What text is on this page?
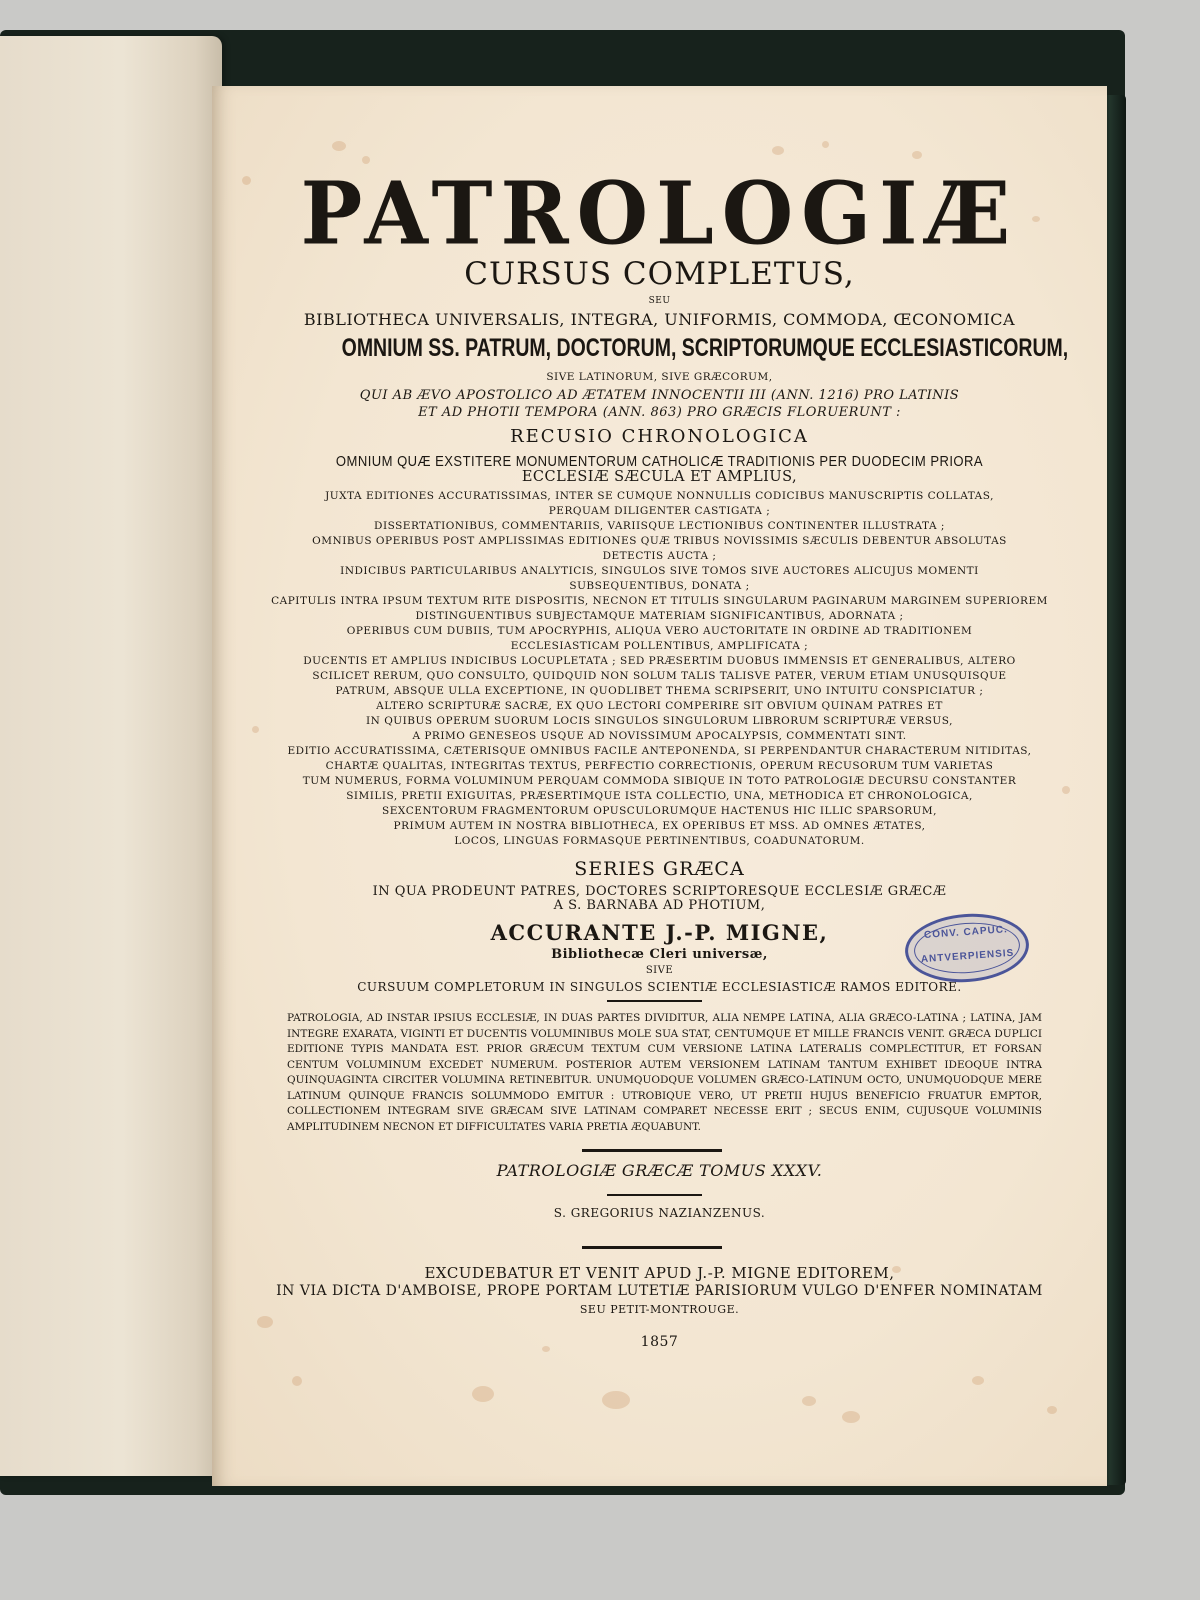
PATROLOGIÆ
CURSUS COMPLETUS,
SEU
BIBLIOTHECA UNIVERSALIS, INTEGRA, UNIFORMIS, COMMODA, ŒCONOMICA
OMNIUM SS. PATRUM, DOCTORUM, SCRIPTORUMQUE ECCLESIASTICORUM,
SIVE LATINORUM, SIVE GRÆCORUM,
QUI AB ÆVO APOSTOLICO AD ÆTATEM INNOCENTII III (ANN. 1216) PRO LATINIS
ET AD PHOTII TEMPORA (ANN. 863) PRO GRÆCIS FLORUERUNT :
RECUSIO CHRONOLOGICA
OMNIUM QUÆ EXSTITERE MONUMENTORUM CATHOLICÆ TRADITIONIS PER DUODECIM PRIORA
ECCLESIÆ SÆCULA ET AMPLIUS,
JUXTA EDITIONES ACCURATISSIMAS, INTER SE CUMQUE NONNULLIS CODICIBUS MANUSCRIPTIS COLLATAS,
PERQUAM DILIGENTER CASTIGATA ;
DISSERTATIONIBUS, COMMENTARIIS, VARIISQUE LECTIONIBUS CONTINENTER ILLUSTRATA ;
OMNIBUS OPERIBUS POST AMPLISSIMAS EDITIONES QUÆ TRIBUS NOVISSIMIS SÆCULIS DEBENTUR ABSOLUTAS
DETECTIS AUCTA ;
INDICIBUS PARTICULARIBUS ANALYTICIS, SINGULOS SIVE TOMOS SIVE AUCTORES ALICUJUS MOMENTI
SUBSEQUENTIBUS, DONATA ;
CAPITULIS INTRA IPSUM TEXTUM RITE DISPOSITIS, NECNON ET TITULIS SINGULARUM PAGINARUM MARGINEM SUPERIOREM
DISTINGUENTIBUS SUBJECTAMQUE MATERIAM SIGNIFICANTIBUS, ADORNATA ;
OPERIBUS CUM DUBIIS, TUM APOCRYPHIS, ALIQUA VERO AUCTORITATE IN ORDINE AD TRADITIONEM
ECCLESIASTICAM POLLENTIBUS, AMPLIFICATA ;
DUCENTIS ET AMPLIUS INDICIBUS LOCUPLETATA ; SED PRÆSERTIM DUOBUS IMMENSIS ET GENERALIBUS, ALTERO
SCILICET RERUM, QUO CONSULTO, QUIDQUID NON SOLUM TALIS TALISVE PATER, VERUM ETIAM UNUSQUISQUE
PATRUM, ABSQUE ULLA EXCEPTIONE, IN QUODLIBET THEMA SCRIPSERIT, UNO INTUITU CONSPICIATUR ;
ALTERO SCRIPTURÆ SACRÆ, EX QUO LECTORI COMPERIRE SIT OBVIUM QUINAM PATRES ET
IN QUIBUS OPERUM SUORUM LOCIS SINGULOS SINGULORUM LIBRORUM SCRIPTURÆ VERSUS,
A PRIMO GENESEOS USQUE AD NOVISSIMUM APOCALYPSIS, COMMENTATI SINT.
EDITIO ACCURATISSIMA, CÆTERISQUE OMNIBUS FACILE ANTEPONENDA, SI PERPENDANTUR CHARACTERUM NITIDITAS,
CHARTÆ QUALITAS, INTEGRITAS TEXTUS, PERFECTIO CORRECTIONIS, OPERUM RECUSORUM TUM VARIETAS
TUM NUMERUS, FORMA VOLUMINUM PERQUAM COMMODA SIBIQUE IN TOTO PATROLOGIÆ DECURSU CONSTANTER
SIMILIS, PRETII EXIGUITAS, PRÆSERTIMQUE ISTA COLLECTIO, UNA, METHODICA ET CHRONOLOGICA,
SEXCENTORUM FRAGMENTORUM OPUSCULORUMQUE HACTENUS HIC ILLIC SPARSORUM,
PRIMUM AUTEM IN NOSTRA BIBLIOTHECA, EX OPERIBUS ET MSS. AD OMNES ÆTATES,
LOCOS, LINGUAS FORMASQUE PERTINENTIBUS, COADUNATORUM.
SERIES GRÆCA
IN QUA PRODEUNT PATRES, DOCTORES SCRIPTORESQUE ECCLESIÆ GRÆCÆ
A S. BARNABA AD PHOTIUM,
ACCURANTE J.-P. MIGNE,
Bibliothecæ Cleri universæ,
SIVE
CURSUUM COMPLETORUM IN SINGULOS SCIENTIÆ ECCLESIASTICÆ RAMOS EDITORE.
PATROLOGIA, AD INSTAR IPSIUS ECCLESIÆ, IN DUAS PARTES DIVIDITUR, ALIA NEMPE LATINA, ALIA GRÆCO-LATINA ; LATINA, JAM INTEGRE EXARATA, VIGINTI ET DUCENTIS VOLUMINIBUS MOLE SUA STAT, CENTUMQUE ET MILLE FRANCIS VENIT. GRÆCA DUPLICI EDITIONE TYPIS MANDATA EST. PRIOR GRÆCUM TEXTUM CUM VERSIONE LATINA LATERALIS COMPLECTITUR, ET FORSAN CENTUM VOLUMINUM EXCEDET NUMERUM. POSTERIOR AUTEM VERSIONEM LATINAM TANTUM EXHIBET IDEOQUE INTRA QUINQUAGINTA CIRCITER VOLUMINA RETINEBITUR. UNUMQUODQUE VOLUMEN GRÆCO-LATINUM OCTO, UNUMQUODQUE MERE LATINUM QUINQUE FRANCIS SOLUMMODO EMITUR : UTROBIQUE VERO, UT PRETII HUJUS BENEFICIO FRUATUR EMPTOR, COLLECTIONEM INTEGRAM SIVE GRÆCAM SIVE LATINAM COMPARET NECESSE ERIT ; SECUS ENIM, CUJUSQUE VOLUMINIS AMPLITUDINEM NECNON ET DIFFICULTATES VARIA PRETIA ÆQUABUNT.
PATROLOGIÆ GRÆCÆ TOMUS XXXV.
S. GREGORIUS NAZIANZENUS.
EXCUDEBATUR ET VENIT APUD J.-P. MIGNE EDITOREM,
IN VIA DICTA D'AMBOISE, PROPE PORTAM LUTETIÆ PARISIORUM VULGO D'ENFER NOMINATAM
SEU PETIT-MONTROUGE.
1857
CONV. CAPUC.
ANTVERPIENSIS
